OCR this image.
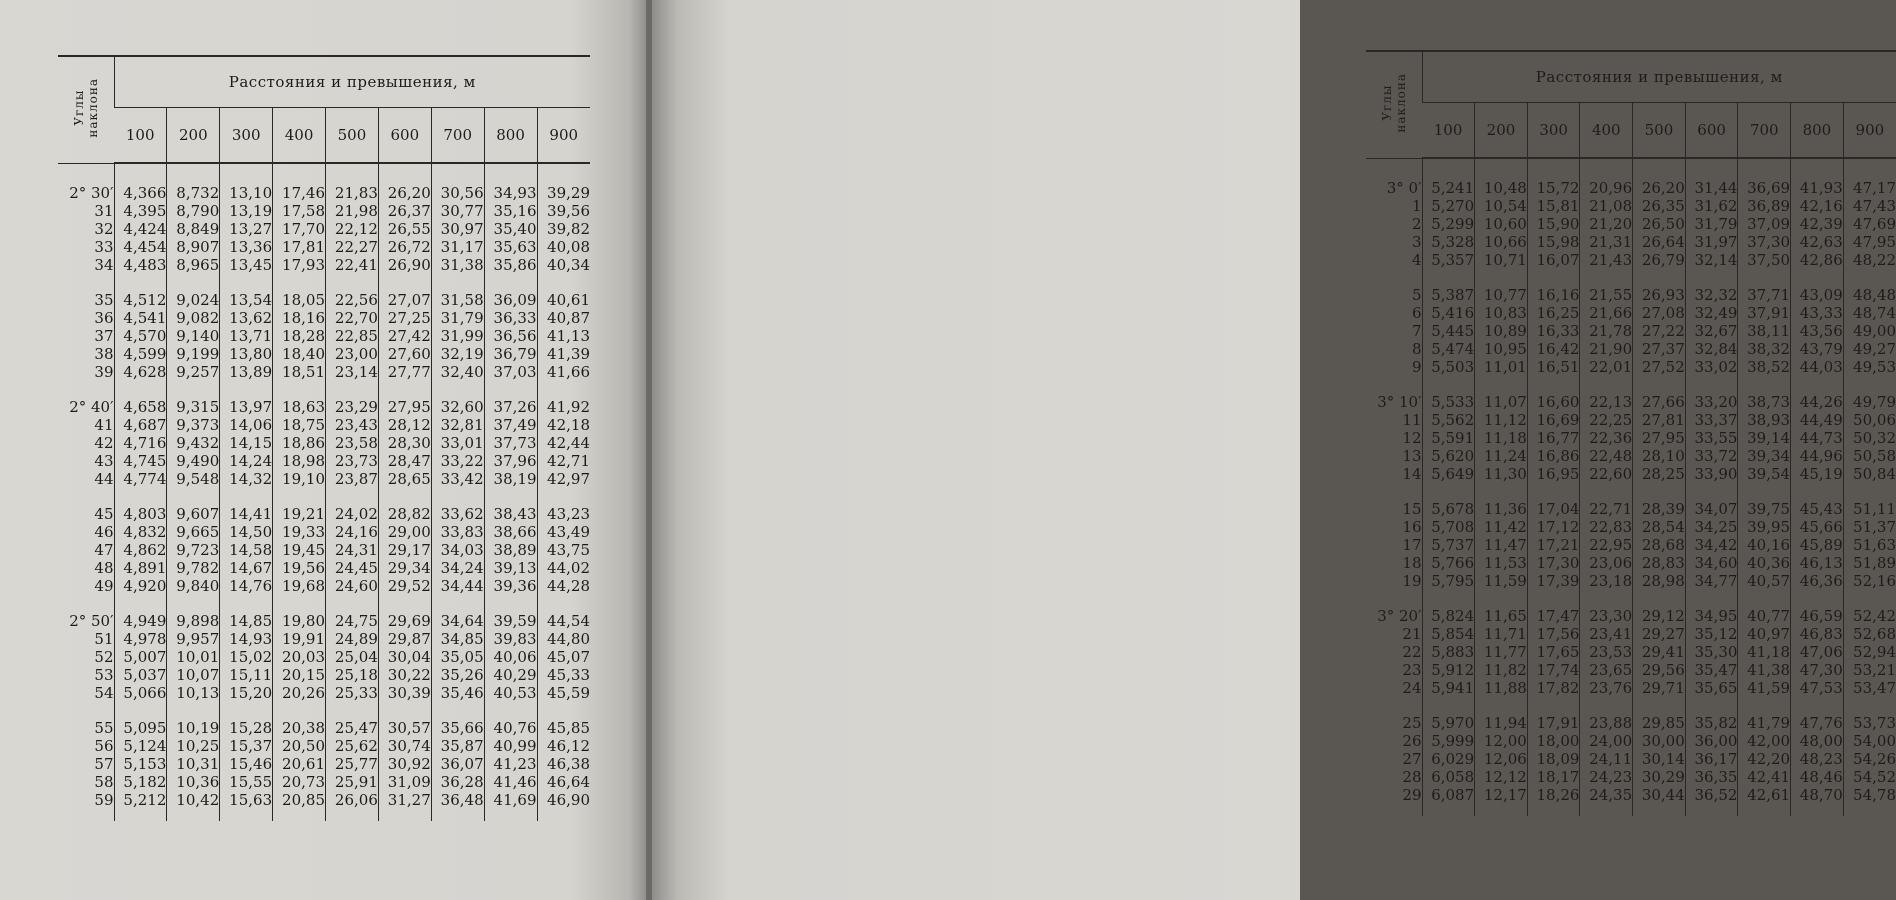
Углы
наклона	Расстояния и превышения, м								
	100	200	300	400	500	600	700	800	900

2° 30′	4,366	8,732	13,10	17,46	21,83	26,20	30,56	34,93	39,29
31	4,395	8,790	13,19	17,58	21,98	26,37	30,77	35,16	39,56
32	4,424	8,849	13,27	17,70	22,12	26,55	30,97	35,40	39,82
33	4,454	8,907	13,36	17,81	22,27	26,72	31,17	35,63	40,08
34	4,483	8,965	13,45	17,93	22,41	26,90	31,38	35,86	40,34

35	4,512	9,024	13,54	18,05	22,56	27,07	31,58	36,09	40,61
36	4,541	9,082	13,62	18,16	22,70	27,25	31,79	36,33	40,87
37	4,570	9,140	13,71	18,28	22,85	27,42	31,99	36,56	41,13
38	4,599	9,199	13,80	18,40	23,00	27,60	32,19	36,79	41,39
39	4,628	9,257	13,89	18,51	23,14	27,77	32,40	37,03	41,66

2° 40′	4,658	9,315	13,97	18,63	23,29	27,95	32,60	37,26	41,92
41	4,687	9,373	14,06	18,75	23,43	28,12	32,81	37,49	42,18
42	4,716	9,432	14,15	18,86	23,58	28,30	33,01	37,73	42,44
43	4,745	9,490	14,24	18,98	23,73	28,47	33,22	37,96	42,71
44	4,774	9,548	14,32	19,10	23,87	28,65	33,42	38,19	42,97

45	4,803	9,607	14,41	19,21	24,02	28,82	33,62	38,43	43,23
46	4,832	9,665	14,50	19,33	24,16	29,00	33,83	38,66	43,49
47	4,862	9,723	14,58	19,45	24,31	29,17	34,03	38,89	43,75
48	4,891	9,782	14,67	19,56	24,45	29,34	34,24	39,13	44,02
49	4,920	9,840	14,76	19,68	24,60	29,52	34,44	39,36	44,28

2° 50′	4,949	9,898	14,85	19,80	24,75	29,69	34,64	39,59	44,54
51	4,978	9,957	14,93	19,91	24,89	29,87	34,85	39,83	44,80
52	5,007	10,01	15,02	20,03	25,04	30,04	35,05	40,06	45,07
53	5,037	10,07	15,11	20,15	25,18	30,22	35,26	40,29	45,33
54	5,066	10,13	15,20	20,26	25,33	30,39	35,46	40,53	45,59

55	5,095	10,19	15,28	20,38	25,47	30,57	35,66	40,76	45,85
56	5,124	10,25	15,37	20,50	25,62	30,74	35,87	40,99	46,12
57	5,153	10,31	15,46	20,61	25,77	30,92	36,07	41,23	46,38
58	5,182	10,36	15,55	20,73	25,91	31,09	36,28	41,46	46,64
59	5,212	10,42	15,63	20,85	26,06	31,27	36,48	41,69	46,90

Углы
наклона	Расстояния и превышения, м								
	100	200	300	400	500	600	700	800	900

3° 0′	5,241	10,48	15,72	20,96	26,20	31,44	36,69	41,93	47,17
1	5,270	10,54	15,81	21,08	26,35	31,62	36,89	42,16	47,43
2	5,299	10,60	15,90	21,20	26,50	31,79	37,09	42,39	47,69
3	5,328	10,66	15,98	21,31	26,64	31,97	37,30	42,63	47,95
4	5,357	10,71	16,07	21,43	26,79	32,14	37,50	42,86	48,22

5	5,387	10,77	16,16	21,55	26,93	32,32	37,71	43,09	48,48
6	5,416	10,83	16,25	21,66	27,08	32,49	37,91	43,33	48,74
7	5,445	10,89	16,33	21,78	27,22	32,67	38,11	43,56	49,00
8	5,474	10,95	16,42	21,90	27,37	32,84	38,32	43,79	49,27
9	5,503	11,01	16,51	22,01	27,52	33,02	38,52	44,03	49,53

3° 10′	5,533	11,07	16,60	22,13	27,66	33,20	38,73	44,26	49,79
11	5,562	11,12	16,69	22,25	27,81	33,37	38,93	44,49	50,06
12	5,591	11,18	16,77	22,36	27,95	33,55	39,14	44,73	50,32
13	5,620	11,24	16,86	22,48	28,10	33,72	39,34	44,96	50,58
14	5,649	11,30	16,95	22,60	28,25	33,90	39,54	45,19	50,84

15	5,678	11,36	17,04	22,71	28,39	34,07	39,75	45,43	51,11
16	5,708	11,42	17,12	22,83	28,54	34,25	39,95	45,66	51,37
17	5,737	11,47	17,21	22,95	28,68	34,42	40,16	45,89	51,63
18	5,766	11,53	17,30	23,06	28,83	34,60	40,36	46,13	51,89
19	5,795	11,59	17,39	23,18	28,98	34,77	40,57	46,36	52,16

3° 20′	5,824	11,65	17,47	23,30	29,12	34,95	40,77	46,59	52,42
21	5,854	11,71	17,56	23,41	29,27	35,12	40,97	46,83	52,68
22	5,883	11,77	17,65	23,53	29,41	35,30	41,18	47,06	52,94
23	5,912	11,82	17,74	23,65	29,56	35,47	41,38	47,30	53,21
24	5,941	11,88	17,82	23,76	29,71	35,65	41,59	47,53	53,47

25	5,970	11,94	17,91	23,88	29,85	35,82	41,79	47,76	53,73
26	5,999	12,00	18,00	24,00	30,00	36,00	42,00	48,00	54,00
27	6,029	12,06	18,09	24,11	30,14	36,17	42,20	48,23	54,26
28	6,058	12,12	18,17	24,23	30,29	36,35	42,41	48,46	54,52
29	6,087	12,17	18,26	24,35	30,44	36,52	42,61	48,70	54,78
